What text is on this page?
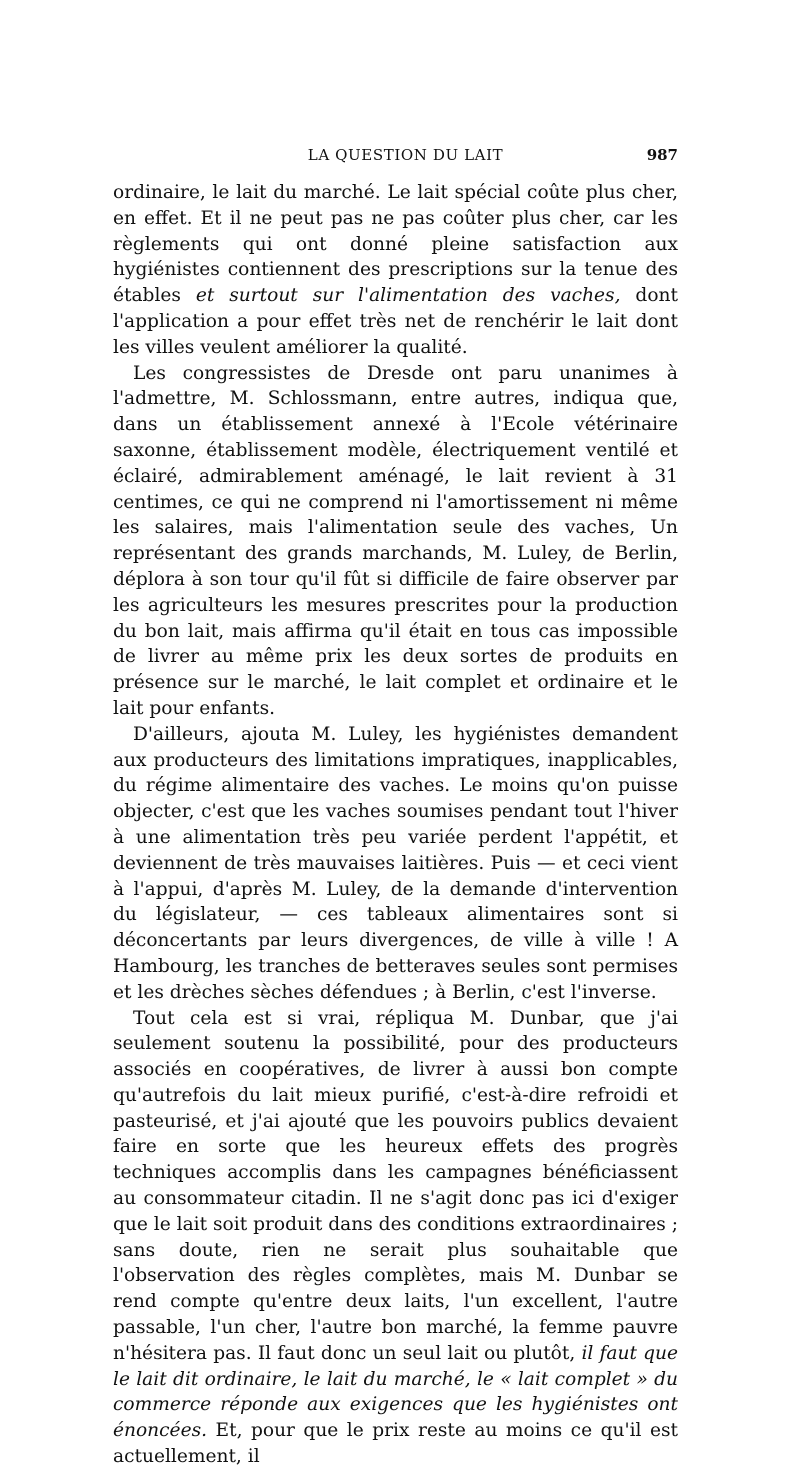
LA QUESTION DU LAIT	987

ordinaire, le lait du marché. Le lait spécial coûte plus cher, en effet. Et il ne peut pas ne pas coûter plus cher, car les règlements qui ont donné pleine satisfaction aux hygiénistes contiennent des prescriptions sur la tenue des étables et surtout sur l'alimentation des vaches, dont l'application a pour effet très net de renchérir le lait dont les villes veulent améliorer la qualité.

Les congressistes de Dresde ont paru unanimes à l'admettre, M. Schlossmann, entre autres, indiqua que, dans un établissement annexé à l'Ecole vétérinaire saxonne, établissement modèle, électriquement ventilé et éclairé, admirablement aménagé, le lait revient à 31 centimes, ce qui ne comprend ni l'amortissement ni même les salaires, mais l'alimentation seule des vaches, Un représentant des grands marchands, M. Luley, de Berlin, déplora à son tour qu'il fût si difficile de faire observer par les agriculteurs les mesures prescrites pour la production du bon lait, mais affirma qu'il était en tous cas impossible de livrer au même prix les deux sortes de produits en présence sur le marché, le lait complet et ordinaire et le lait pour enfants.

D'ailleurs, ajouta M. Luley, les hygiénistes demandent aux producteurs des limitations impratiques, inapplicables, du régime alimentaire des vaches. Le moins qu'on puisse objecter, c'est que les vaches soumises pendant tout l'hiver à une alimentation très peu variée perdent l'appétit, et deviennent de très mauvaises laitières. Puis — et ceci vient à l'appui, d'après M. Luley, de la demande d'intervention du législateur, — ces tableaux alimentaires sont si déconcertants par leurs divergences, de ville à ville ! A Hambourg, les tranches de betteraves seules sont permises et les drèches sèches défendues ; à Berlin, c'est l'inverse.

Tout cela est si vrai, répliqua M. Dunbar, que j'ai seulement soutenu la possibilité, pour des producteurs associés en coopératives, de livrer à aussi bon compte qu'autrefois du lait mieux purifié, c'est-à-dire refroidi et pasteurisé, et j'ai ajouté que les pouvoirs publics devaient faire en sorte que les heureux effets des progrès techniques accomplis dans les campagnes bénéficiassent au consommateur citadin. Il ne s'agit donc pas ici d'exiger que le lait soit produit dans des conditions extraordinaires ; sans doute, rien ne serait plus souhaitable que l'observation des règles complètes, mais M. Dunbar se rend compte qu'entre deux laits, l'un excellent, l'autre passable, l'un cher, l'autre bon marché, la femme pauvre n'hésitera pas. Il faut donc un seul lait ou plutôt, il faut que le lait dit ordinaire, le lait du marché, le « lait complet » du commerce réponde aux exigences que les hygiénistes ont énoncées. Et, pour que le prix reste au moins ce qu'il est actuellement, il
